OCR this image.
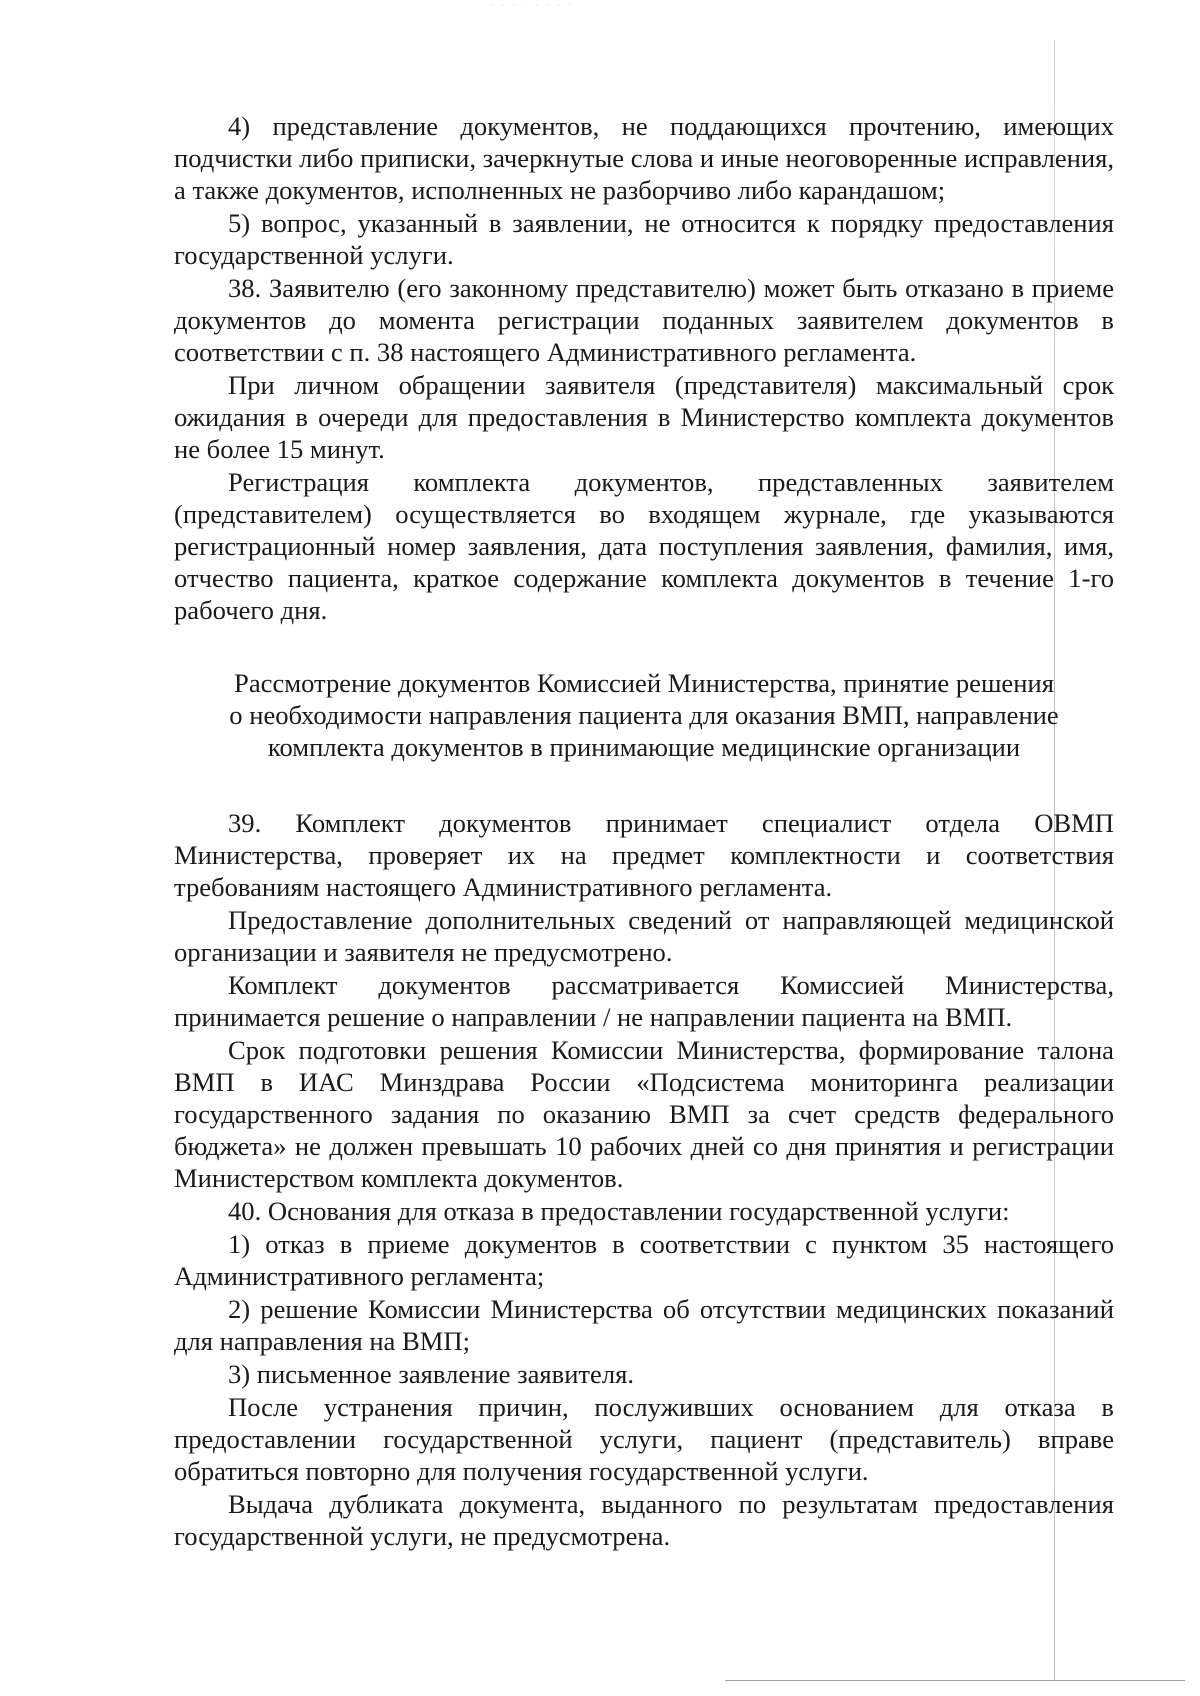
· · · · · · · ·

4) представление документов, не поддающихся прочтению, имеющих подчистки либо приписки, зачеркнутые слова и иные неоговоренные исправления, а также документов, исполненных не разборчиво либо карандашом;

5) вопрос, указанный в заявлении, не относится к порядку предоставления государственной услуги.

38. Заявителю (его законному представителю) может быть отказано в приеме документов до момента регистрации поданных заявителем документов в соответствии с п. 38 настоящего Административного регламента.

При личном обращении заявителя (представителя) максимальный срок ожидания в очереди для предоставления в Министерство комплекта документов не более 15 минут.

Регистрация комплекта документов, представленных заявителем (представителем) осуществляется во входящем журнале, где указываются регистрационный номер заявления, дата поступления заявления, фамилия, имя, отчество пациента, краткое содержание комплекта документов в течение 1-го рабочего дня.

Рассмотрение документов Комиссией Министерства, принятие решения о необходимости направления пациента для оказания ВМП, направление комплекта документов в принимающие медицинские организации

39. Комплект документов принимает специалист отдела ОВМП Министерства, проверяет их на предмет комплектности и соответствия требованиям настоящего Административного регламента.

Предоставление дополнительных сведений от направляющей медицинской организации и заявителя не предусмотрено.

Комплект документов рассматривается Комиссией Министерства, принимается решение о направлении / не направлении пациента на ВМП.

Срок подготовки решения Комиссии Министерства, формирование талона ВМП в ИАС Минздрава России «Подсистема мониторинга реализации государственного задания по оказанию ВМП за счет средств федерального бюджета» не должен превышать 10 рабочих дней со дня принятия и регистрации Министерством комплекта документов.

40. Основания для отказа в предоставлении государственной услуги:

1) отказ в приеме документов в соответствии с пунктом 35 настоящего Административного регламента;

2) решение Комиссии Министерства об отсутствии медицинских показаний для направления на ВМП;

3) письменное заявление заявителя.

После устранения причин, послуживших основанием для отказа в предоставлении государственной услуги, пациент (представитель) вправе обратиться повторно для получения государственной услуги.

Выдача дубликата документа, выданного по результатам предоставления государственной услуги, не предусмотрена.
